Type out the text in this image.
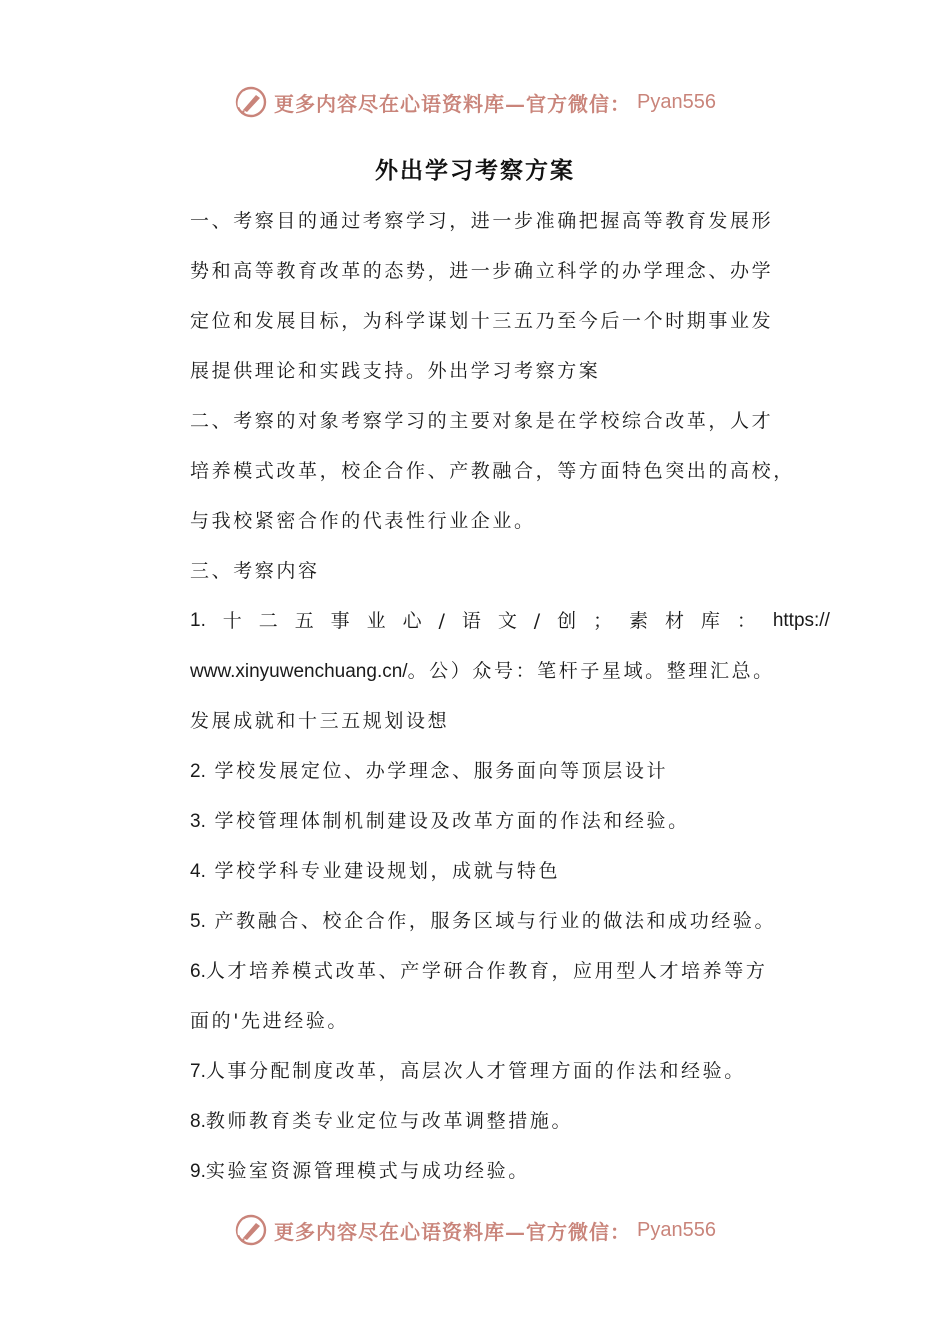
更多内容尽在心语资料库—官方微信： Pyan556
外出学习考察方案
一、考察目的通过考察学习，进一步准确把握高等教育发展形
势和高等教育改革的态势，进一步确立科学的办学理念、办学
定位和发展目标，为科学谋划十三五乃至今后一个时期事业发
展提供理论和实践支持。外出学习考察方案
二、考察的对象考察学习的主要对象是在学校综合改革，人才
培养模式改革，校企合作、产教融合，等方面特色突出的高校，
与我校紧密合作的代表性行业企业。
三、考察内容
1. 十 二 五 事 业 心 / 语 文 / 创 ； 素 材 库 ： https://
www.xinyuwenchuang.cn/。公）众号：笔杆子星域。整理汇总。
发展成就和十三五规划设想
2. 学校发展定位、办学理念、服务面向等顶层设计
3. 学校管理体制机制建设及改革方面的作法和经验。
4. 学校学科专业建设规划，成就与特色
5. 产教融合、校企合作，服务区域与行业的做法和成功经验。
6.人才培养模式改革、产学研合作教育，应用型人才培养等方
面的'先进经验。
7.人事分配制度改革，高层次人才管理方面的作法和经验。
8.教师教育类专业定位与改革调整措施。
9.实验室资源管理模式与成功经验。
更多内容尽在心语资料库—官方微信： Pyan556
